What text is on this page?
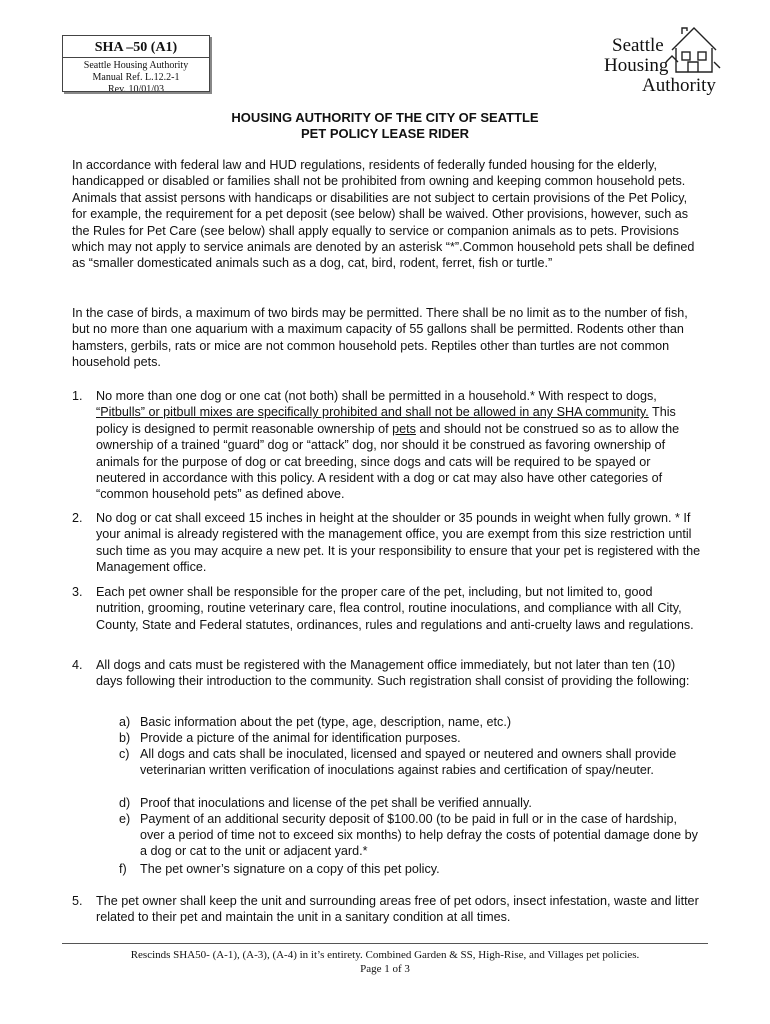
SHA –50 (A1)
Seattle Housing Authority
Manual Ref. L.12.2-1
Rev. 10/01/03
Seattle
Housing
Authority
HOUSING AUTHORITY OF THE CITY OF SEATTLE
PET POLICY LEASE RIDER

In accordance with federal law and HUD regulations, residents of federally funded housing for the elderly, handicapped or disabled or families shall not be prohibited from owning and keeping common household pets. Animals that assist persons with handicaps or disabilities are not subject to certain provisions of the Pet Policy, for example, the requirement for a pet deposit (see below) shall be waived. Other provisions, however, such as the Rules for Pet Care (see below) shall apply equally to service or companion animals as to pets. Provisions which may not apply to service animals are denoted by an asterisk “*”.Common household pets shall be defined as “smaller domesticated animals such as a dog, cat, bird, rodent, ferret, fish or turtle.”

In the case of birds, a maximum of two birds may be permitted. There shall be no limit as to the number of fish, but no more than one aquarium with a maximum capacity of 55 gallons shall be permitted. Rodents other than hamsters, gerbils, rats or mice are not common household pets. Reptiles other than turtles are not common household pets.

1. No more than one dog or one cat (not both) shall be permitted in a household.* With respect to dogs, “Pitbulls” or pitbull mixes are specifically prohibited and shall not be allowed in any SHA community. This policy is designed to permit reasonable ownership of pets and should not be construed so as to allow the ownership of a trained “guard” dog or “attack” dog, nor should it be construed as favoring ownership of animals for the purpose of dog or cat breeding, since dogs and cats will be required to be spayed or neutered in accordance with this policy. A resident with a dog or cat may also have other categories of “common household pets” as defined above.
2. No dog or cat shall exceed 15 inches in height at the shoulder or 35 pounds in weight when fully grown. * If your animal is already registered with the management office, you are exempt from this size restriction until such time as you may acquire a new pet. It is your responsibility to ensure that your pet is registered with the Management office.
3. Each pet owner shall be responsible for the proper care of the pet, including, but not limited to, good nutrition, grooming, routine veterinary care, flea control, routine inoculations, and compliance with all City, County, State and Federal statutes, ordinances, rules and regulations and anti-cruelty laws and regulations.
4. All dogs and cats must be registered with the Management office immediately, but not later than ten (10) days following their introduction to the community. Such registration shall consist of providing the following:
a) Basic information about the pet (type, age, description, name, etc.)
b) Provide a picture of the animal for identification purposes.
c) All dogs and cats shall be inoculated, licensed and spayed or neutered and owners shall provide veterinarian written verification of inoculations against rabies and certification of spay/neuter.
d) Proof that inoculations and license of the pet shall be verified annually.
e) Payment of an additional security deposit of $100.00 (to be paid in full or in the case of hardship, over a period of time not to exceed six months) to help defray the costs of potential damage done by a dog or cat to the unit or adjacent yard.*
f) The pet owner’s signature on a copy of this pet policy.
5. The pet owner shall keep the unit and surrounding areas free of pet odors, insect infestation, waste and litter related to their pet and maintain the unit in a sanitary condition at all times.
Rescinds SHA50- (A-1), (A-3), (A-4) in it’s entirety. Combined Garden & SS, High-Rise, and Villages pet policies.
Page 1 of 3
